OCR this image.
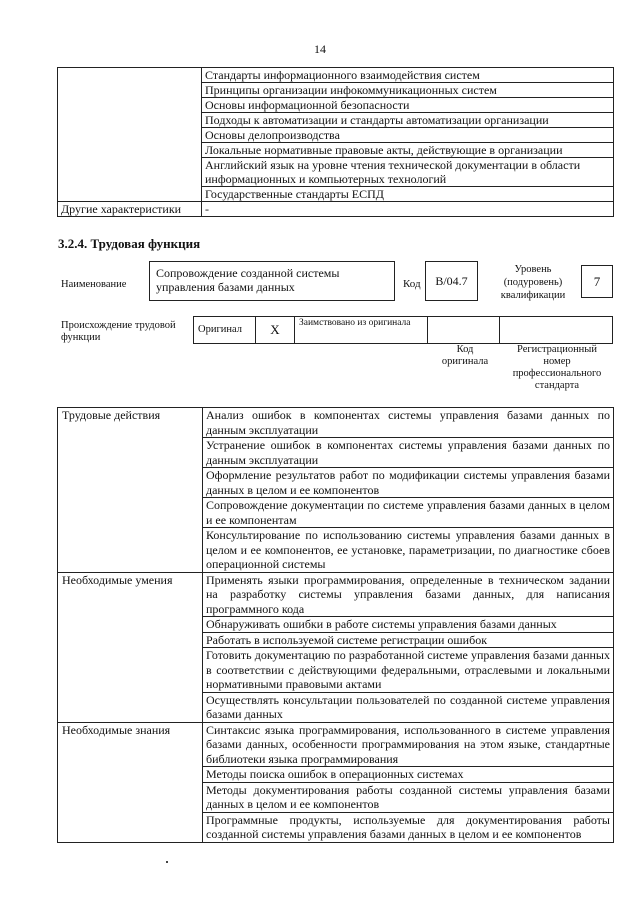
14
	Стандарты информационного взаимодействия систем
	Принципы организации инфокоммуникационных систем
	Основы информационной безопасности
	Подходы к автоматизации и стандарты автоматизации организации
	Основы делопроизводства
	Локальные нормативные правовые акты, действующие в организации
	Английский язык на уровне чтения технической документации в области информационных и компьютерных технологий
	Государственные стандарты ЕСПД
Другие характеристики	-
3.2.4. Трудовая функция
Наименование
Сопровождение созданной системы управления базами данных	Код	В/04.7
Уровень (подуровень) квалификации
7
Происхождение трудовой функции
Оригинал	X	Заимствовано из оригинала		
Код оригинала
Регистрационный номер профессионального стандарта
Трудовые действия	Анализ ошибок в компонентах системы управления базами данных по данным эксплуатации
	Устранение ошибок в компонентах системы управления базами данных по данным эксплуатации
	Оформление результатов работ по модификации системы управления базами данных в целом и ее компонентов
	Сопровождение документации по системе управления базами данных в целом и ее компонентам
	Консультирование по использованию системы управления базами данных в целом и ее компонентов, ее установке, параметризации, по диагностике сбоев операционной системы
Необходимые умения	Применять языки программирования, определенные в техническом задании на разработку системы управления базами данных, для написания программного кода
	Обнаруживать ошибки в работе системы управления базами данных
	Работать в используемой системе регистрации ошибок
	Готовить документацию по разработанной системе управления базами данных в соответствии с действующими федеральными, отраслевыми и локальными нормативными правовыми актами
	Осуществлять консультации пользователей по созданной системе управления базами данных
Необходимые знания	Синтаксис языка программирования, использованного в системе управления базами данных, особенности программирования на этом языке, стандартные библиотеки языка программирования
	Методы поиска ошибок в операционных системах
	Методы документирования работы созданной системы управления базами данных в целом и ее компонентов
	Программные продукты, используемые для документирования работы созданной системы управления базами данных в целом и ее компонентов
